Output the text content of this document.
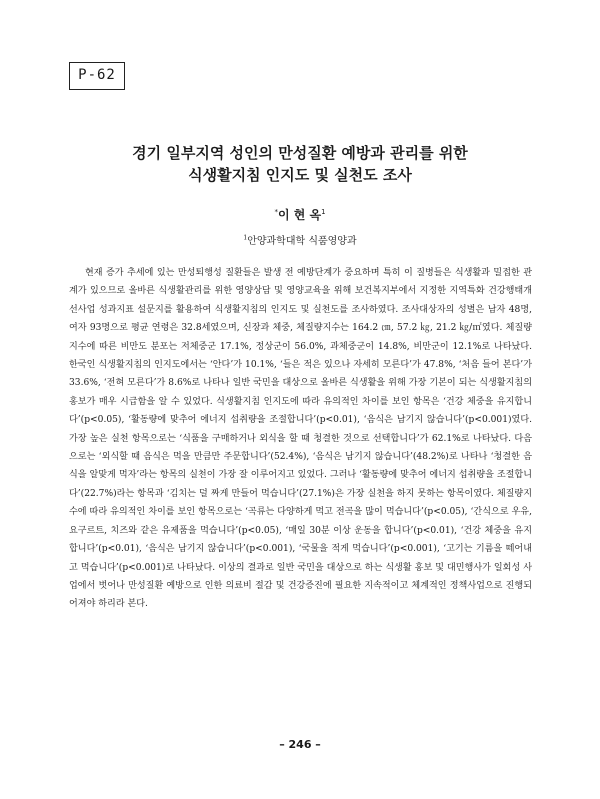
P-62
경기 일부지역 성인의 만성질환 예방과 관리를 위한
식생활지침 인지도 및 실천도 조사
*이 현 옥$^1$
$^1$안양과학대학 식품영양과

현재 증가 추세에 있는 만성퇴행성 질환들은 발생 전 예방단계가 중요하며 특히 이 질병들은 식생활과 밀접한 관계가 있으므로 올바른 식생활관리를 위한 영양상담 및 영양교육을 위해 보건복지부에서 지정한 지역특화 건강행태개선사업 성과지표 설문지를 활용하여 식생활지침의 인지도 및 실천도를 조사하였다. 조사대상자의 성별은 남자 48명, 여자 93명으로 평균 연령은 32.8세였으며, 신장과 체중, 체질량지수는 164.2 ㎝, 57.2 ㎏, 21.2 ㎏/㎡였다. 체질량지수에 따른 비만도 분포는 저체중군 17.1%, 정상군이 56.0%, 과체중군이 14.8%, 비만군이 12.1%로 나타났다. 한국인 식생활지침의 인지도에서는 ‘안다’가 10.1%, ‘들은 적은 있으나 자세히 모른다’가 47.8%, ‘처음 들어 본다’가 33.6%, ‘전혀 모른다’가 8.6%로 나타나 일반 국민을 대상으로 올바른 식생활을 위해 가장 기본이 되는 식생활지침의 홍보가 매우 시급함을 알 수 있었다. 식생활지침 인지도에 따라 유의적인 차이를 보인 항목은 ‘건강 체중을 유지합니다’(p<0.05), ‘활동량에 맞추어 에너지 섭취량을 조절합니다’(p<0.01), ‘음식은 남기지 않습니다’(p<0.001)였다. 가장 높은 실천 항목으로는 ‘식품을 구매하거나 외식을 할 때 청결한 것으로 선택합니다’가 62.1%로 나타났다. 다음으로는 ‘외식할 때 음식은 먹을 만큼만 주문합니다’(52.4%), ‘음식은 남기지 않습니다’(48.2%)로 나타나 ‘청결한 음식을 알맞게 먹자’라는 항목의 실천이 가장 잘 이루어지고 있었다. 그러나 ‘활동량에 맞추어 에너지 섭취량을 조절합니다’(22.7%)라는 항목과 ‘김치는 덜 짜게 만들어 먹습니다’(27.1%)은 가장 실천을 하지 못하는 항목이였다. 체질량지수에 따라 유의적인 차이를 보인 항목으로는 ‘곡류는 다양하게 먹고 전곡을 많이 먹습니다’(p<0.05), ‘간식으로 우유, 요구르트, 치즈와 같은 유제품을 먹습니다’(p<0.05), ‘매일 30분 이상 운동을 합니다’(p<0.01), ‘건강 체중을 유지합니다’(p<0.01), ‘음식은 남기지 않습니다’(p<0.001), ‘국물을 적게 먹습니다’(p<0.001), ‘고기는 기름을 떼어내고 먹습니다’(p<0.001)로 나타났다. 이상의 결과로 일반 국민을 대상으로 하는 식생활 홍보 및 대민행사가 일회성 사업에서 벗어나 만성질환 예방으로 인한 의료비 절감 및 건강증진에 필요한 지속적이고 체계적인 정책사업으로 진행되어져야 하리라 본다.

– 246 –
